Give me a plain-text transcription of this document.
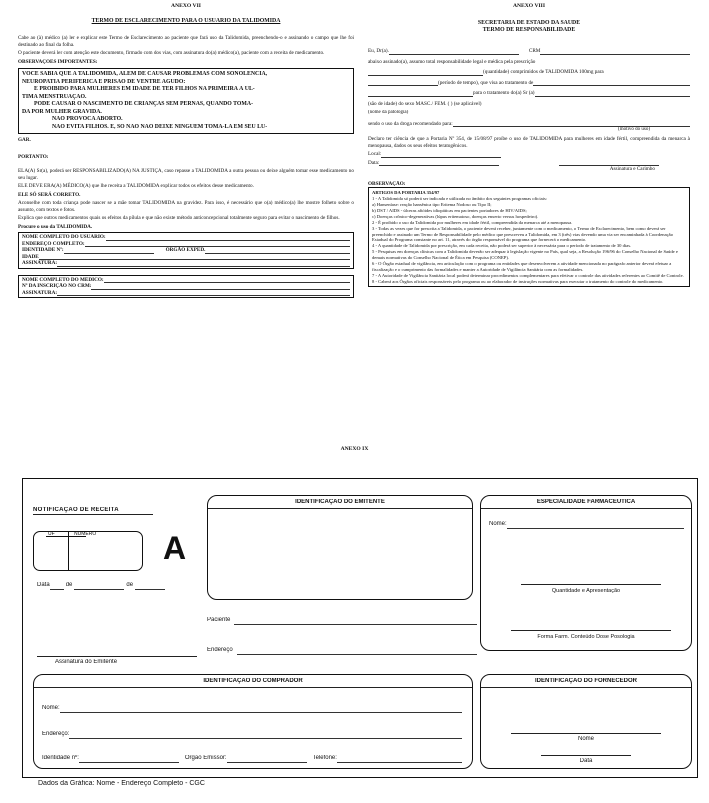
ANEXO VII
TERMO DE ESCLARECIMENTO PARA O USUÁRIO DA TALIDOMIDA
Cabe ao (à) médico (a) ler e explicar este Termo de Esclarecimento ao paciente que fará uso da Talidomida, preenchendo-o e assinando o campo que lhe foi destinado ao final da folha.
O paciente deverá ler com atenção este documento, firmado com dos vias, com assinatura do(a) médico(a), paciente com a receita de medicamento.
OBSERVAÇÕES IMPORTANTES:
VOCÊ SABIA QUE A TALIDOMIDA, ALÉM DE CAUSAR PROBLEMAS COM SONOLÊNCIA,
NEUROPATIA PERIFÉRICA E PRISÃO DE VENTRE AGUDO:
É PROIBIDO PARA MULHERES EM IDADE DE TER FILHOS NA PRIMEIRA À ÚL-
TIMA MENSTRUAÇÃO.
PODE CAUSAR O NASCIMENTO DE CRIANÇAS SEM PERNAS, QUANDO TOMA-
DA POR MULHER GRÁVIDA.
NÃO PROVOCA ABORTO.
NÃO EVITA FILHOS. E, SÓ NÃO NÃO DEIXE NINGUÉM TOMÁ-LA EM SEU LU-
GAR.
PORTANTO:
ELA(A) Sr(a), poderá ser RESPONSABILIZADO(A) NA JUSTIÇA, caso repasse a TALIDOMIDA a outra pessoa ou deixe alguém tomar esse medicamento no seu lugar.
ELE DEVE ERA(A) MÉDICO(A) que lhe receita a TALIDOMIDA explicar todos os efeitos desse medicamento.
ELE SÓ SERÁ CORRETO.
Aconselhe com toda criança pode nascer se a mãe tomar TALIDOMIDA na gravidez. Para isso, é necessário que o(a) médico(a) lhe mostre folheto sobre o assunto, com textos e fotos.
Explica que outros medicamentos quais os efeitos da pílula e que não existe método anticoncepcional totalmente seguro para evitar o nascimento de filhos.
Procure o uso da TALIDOMIDA.
NOME COMPLETO DO USUÁRIO:
ENDEREÇO COMPLETO:
IDENTIDADE Nº:	ÓRGÃO EXPED.
IDADE
ASSINATURA:
NOME COMPLETO DO MÉDICO:
Nº DA INSCRIÇÃO NO CRM:
ASSINATURA:
ANEXO VIII
SECRETARIA DE ESTADO DA SAÚDE
TERMO DE RESPONSABILIDADE
Eu, Dr(a).	CRM
abaixo assinado(a), assumo total responsabilidade legal e médica pela prescrição
(quantidade) comprimidos de TALIDOMIDA 100mg para
(período de tempo), que visa ao tratamento de
para o tratamento do(a) Sr (a)
(são de idade) do sexo MASC./ FEM. ( ) (se aplicável)
(nome da patologia)
sendo o uso da droga recomendado para:
(motivo do uso)
Declaro ter ciência de que a Portaria Nº 354, de 15/08/97 proíbe o uso de TALIDOMIDA para mulheres em idade fértil, compreendida da menarca à menopausa, dados os seus efeitos teratogênicos.
Local:
Data:
Assinatura e Carimbo
OBSERVAÇÃO:
ARTIGOS DA PORTARIA 354/97
1 - A Talidomida só poderá ser indicada e utilizada no âmbito dos seguintes programas oficiais:
a) Hanseníase: reação hansênica tipo Eritema Nodoso ou Tipo II;
b) DST / AIDS - úlceras aftóides idiopáticas em pacientes portadores de HIV/AIDS;
c) Doenças crônico-degenerativas (lúpus eritematoso, doenças enxerto versus hospedeiro).
2 - É proibido o uso da Talidomida por mulheres em idade fértil, compreendida da menarca até a menopausa.
3 - Todas as vezes que for prescrita a Talidomida, o paciente deverá receber, juntamente com o medicamento, o Termo de Esclarecimento, bem como deverá ser preenchido e assinado um Termo de Responsabilidade pelo médico que prescreveu a Talidomida, em 3 (três) vias devendo uma via ser encaminhada à Coordenação Estadual do Programa constante no art. 11, através do órgão responsável do programa que fornecerá o medicamento.
4 - A quantidade de Talidomida por prescrição, em cada receita, não poderá ser superior à necessária para o período de tratamento de 30 dias.
5 - Pesquisas em doenças clínicas com a Talidomida deverão ser adequar à legislação vigente no País, qual seja, a Resolução 196/96 do Conselho Nacional de Saúde e demais normativas do Conselho Nacional de Ética em Pesquisa (CONEP).
6 - O Órgão estadual de vigilância, em articulação com o programa ou entidades que desenvolverem a atividade mencionada no parágrafo anterior deverá efetuar a fiscalização e o cumprimento das formalidades e manter a Autoridade de Vigilância Sanitária com as formalidades.
7 - A Autoridade de Vigilância Sanitária local poderá determinar procedimentos complementares para efetivar o controle das atividades referentes ao Comitê de Controle.
8 - Caberá aos Órgãos oficiais responsáveis pelo programa ou ao elaborador de instruções normativas para executar o tratamento do controle do medicamento.
ANEXO IX
NOTIFICAÇÃO DE RECEITA
UF	NÚMERO A
Data	de	de
IDENTIFICAÇÃO DO EMITENTE	ESPECIALIDADE FARMACÊUTICA
Nome:
Quantidade e Apresentação
Forma Farm. Conteúdo Dose Posologia
Paciente
Endereço
Assinatura do Emitente
IDENTIFICAÇÃO DO COMPRADOR
Nome:
Endereço:
Identidade nº:	Órgão Emissor:	Telefone:
IDENTIFICAÇÃO DO FORNECEDOR
Nome
Data
Dados da Gráfica: Nome - Endereço Completo - CGC
